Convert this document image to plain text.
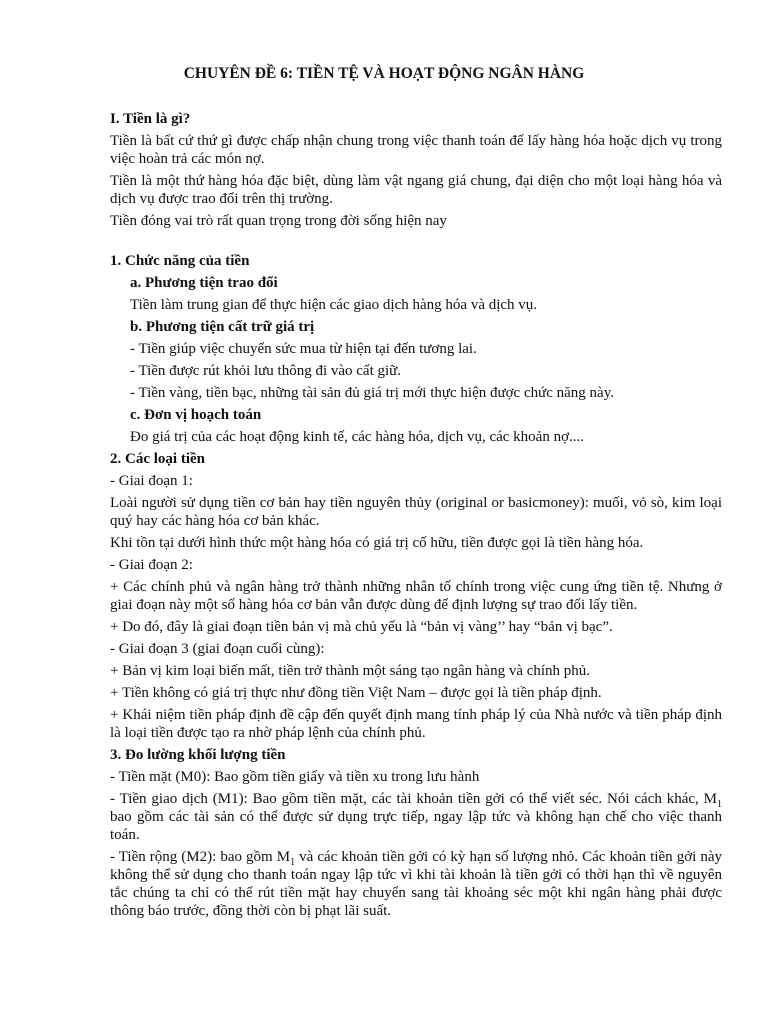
CHUYÊN ĐỀ 6: TIỀN TỆ VÀ HOẠT ĐỘNG NGÂN HÀNG

I. Tiền là gì?

Tiền là bất cứ thứ gì được chấp nhận chung trong việc thanh toán để lấy hàng hóa hoặc dịch vụ trong việc hoàn trả các món nợ.

Tiền là một thứ hàng hóa đặc biệt, dùng làm vật ngang giá chung, đại diện cho một loại hàng hóa và dịch vụ được trao đổi trên thị trường.

Tiền đóng vai trò rất quan trọng trong đời sống hiện nay

1. Chức năng của tiền

a. Phương tiện trao đổi

Tiền làm trung gian để thực hiện các giao dịch hàng hóa và dịch vụ.

b. Phương tiện cất trữ giá trị

- Tiền giúp việc chuyển sức mua từ hiện tại đến tương lai.

- Tiền được rút khỏi lưu thông đi vào cất giữ.

- Tiền vàng, tiền bạc, những tài sản đủ giá trị mới thực hiện được chức năng này.

c. Đơn vị hoạch toán

Đo giá trị của các hoạt động kinh tế, các hàng hóa, dịch vụ, các khoản nợ....

2. Các loại tiền

- Giai đoạn 1:

Loài người sử dụng tiền cơ bản hay tiền nguyên thủy (original or basicmoney): muối, vỏ sò, kim loại quý hay các hàng hóa cơ bản khác.

Khi tồn tại dưới hình thức một hàng hóa có giá trị cố hữu, tiền được gọi là tiền hàng hóa.

- Giai đoạn 2:

+ Các chính phủ và ngân hàng trở thành những nhân tố chính trong việc cung ứng tiền tệ. Nhưng ở giai đoạn này một số hàng hóa cơ bản vẫn được dùng để định lượng sự trao đổi lấy tiền.

+ Do đó, đây là giai đoạn tiền bản vị mà chủ yếu là “bản vị vàng’’ hay “bản vị bạc”.

- Giai đoạn 3 (giai đoạn cuối cùng):

+ Bản vị kim loại biến mất, tiền trở thành một sáng tạo ngân hàng và chính phủ.

+ Tiền không có giá trị thực như đồng tiền Việt Nam – được gọi là tiền pháp định.

+ Khái niệm tiền pháp định đề cập đến quyết định mang tính pháp lý của Nhà nước và tiền pháp định là loại tiền được tạo ra nhờ pháp lệnh của chính phủ.

3. Đo lường khối lượng tiền

- Tiền mặt (M0): Bao gồm tiền giấy và tiền xu trong lưu hành

- Tiền giao dịch (M1): Bao gồm tiền mặt, các tài khoản tiền gởi có thể viết séc. Nói cách khác, $M_1$ bao gồm các tài sản có thể được sử dụng trực tiếp, ngay lập tức và không hạn chế cho việc thanh toán.

- Tiền rộng (M2): bao gồm $M_1$ và các khoản tiền gởi có kỳ hạn số lượng nhỏ. Các khoản tiền gởi này không thể sử dụng cho thanh toán ngay lập tức vì khi tài khoản là tiền gởi có thời hạn thì về nguyên tắc chúng ta chỉ có thể rút tiền mặt hay chuyển sang tài khoảng séc một khi ngân hàng phải được thông báo trước, đồng thời còn bị phạt lãi suất.
